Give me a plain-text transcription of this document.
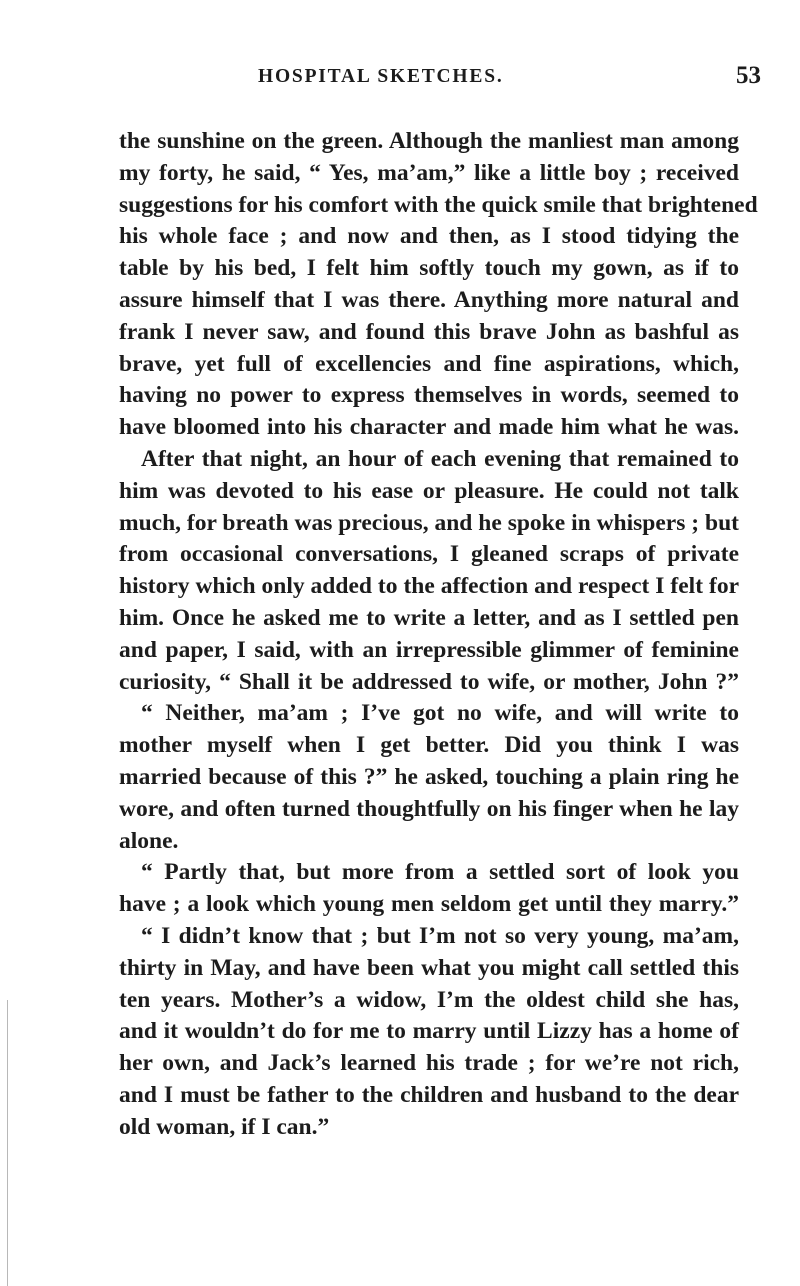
HOSPITAL SKETCHES.	53
the sunshine on the green. Although the manliest man among
my forty, he said, “ Yes, ma’am,” like a little boy ; received
suggestions for his comfort with the quick smile that brightened
his whole face ; and now and then, as I stood tidying the
table by his bed, I felt him softly touch my gown, as if to
assure himself that I was there. Anything more natural and
frank I never saw, and found this brave John as bashful as
brave, yet full of excellencies and fine aspirations, which,
having no power to express themselves in words, seemed to
have bloomed into his character and made him what he was.
After that night, an hour of each evening that remained to
him was devoted to his ease or pleasure. He could not talk
much, for breath was precious, and he spoke in whispers ; but
from occasional conversations, I gleaned scraps of private
history which only added to the affection and respect I felt for
him. Once he asked me to write a letter, and as I settled pen
and paper, I said, with an irrepressible glimmer of feminine
curiosity, “ Shall it be addressed to wife, or mother, John ?”
“ Neither, ma’am ; I’ve got no wife, and will write to
mother myself when I get better. Did you think I was
married because of this ?” he asked, touching a plain ring he
wore, and often turned thoughtfully on his finger when he lay
alone.
“ Partly that, but more from a settled sort of look you
have ; a look which young men seldom get until they marry.”
“ I didn’t know that ; but I’m not so very young, ma’am,
thirty in May, and have been what you might call settled this
ten years. Mother’s a widow, I’m the oldest child she has,
and it wouldn’t do for me to marry until Lizzy has a home of
her own, and Jack’s learned his trade ; for we’re not rich,
and I must be father to the children and husband to the dear
old woman, if I can.”
